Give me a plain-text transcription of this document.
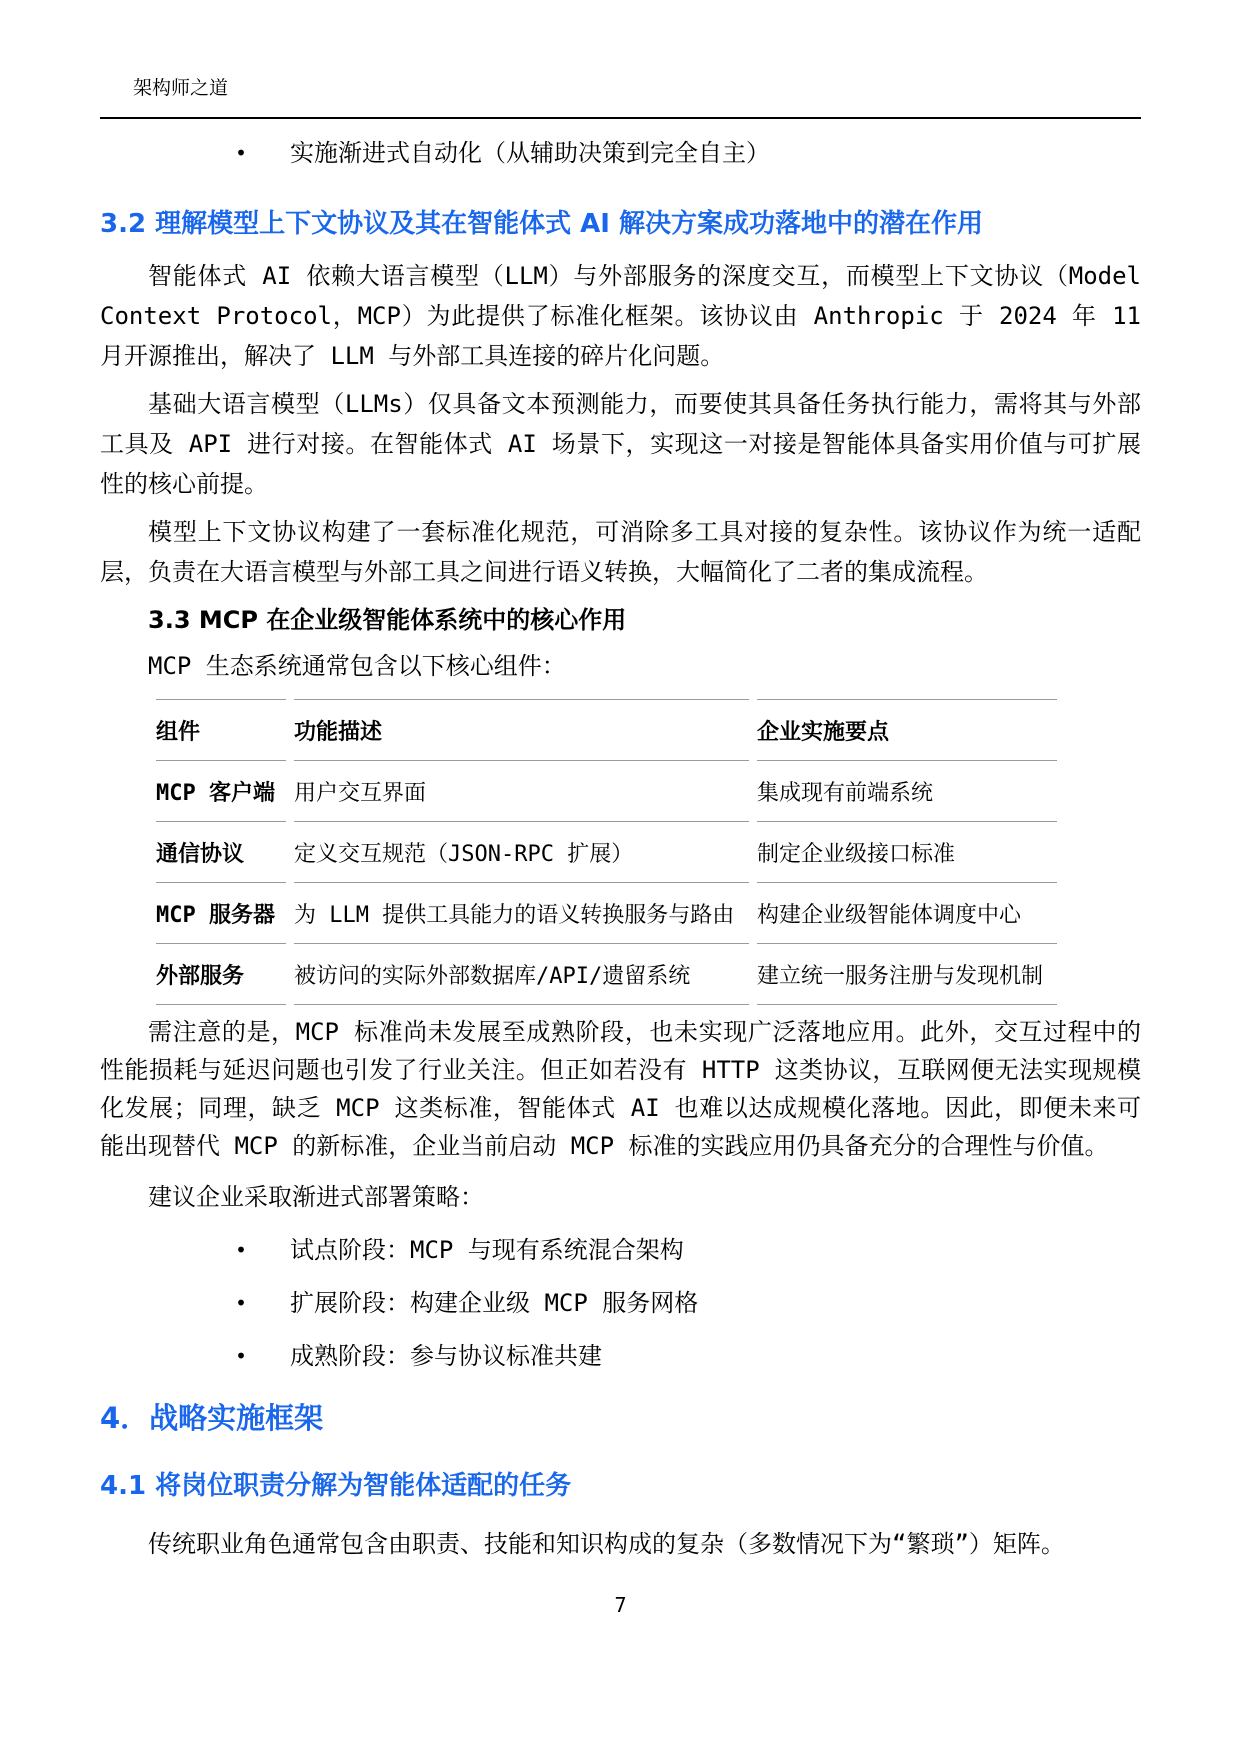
架构师之道
•	实施渐进式自动化（从辅助决策到完全自主）
3.2 理解模型上下文协议及其在智能体式 AI 解决方案成功落地中的潜在作用

智能体式 AI 依赖大语言模型（LLM）与外部服务的深度交互，而模型上下文协议（Model Context Protocol，MCP）为此提供了标准化框架。该协议由 Anthropic 于 2024 年 11 月开源推出，解决了 LLM 与外部工具连接的碎片化问题。

基础大语言模型（LLMs）仅具备文本预测能力，而要使其具备任务执行能力，需将其与外部工具及 API 进行对接。在智能体式 AI 场景下，实现这一对接是智能体具备实用价值与可扩展性的核心前提。

模型上下文协议构建了一套标准化规范，可消除多工具对接的复杂性。该协议作为统一适配层，负责在大语言模型与外部工具之间进行语义转换，大幅简化了二者的集成流程。

3.3 MCP 在企业级智能体系统中的核心作用

MCP 生态系统通常包含以下核心组件：

组件	功能描述	企业实施要点
MCP 客户端	用户交互界面	集成现有前端系统
通信协议	定义交互规范（JSON-RPC 扩展）	制定企业级接口标准
MCP 服务器	为 LLM 提供工具能力的语义转换服务与路由	构建企业级智能体调度中心
外部服务	被访问的实际外部数据库/API/遗留系统	建立统一服务注册与发现机制

需注意的是，MCP 标准尚未发展至成熟阶段，也未实现广泛落地应用。此外，交互过程中的性能损耗与延迟问题也引发了行业关注。但正如若没有 HTTP 这类协议，互联网便无法实现规模化发展；同理，缺乏 MCP 这类标准，智能体式 AI 也难以达成规模化落地。因此，即便未来可能出现替代 MCP 的新标准，企业当前启动 MCP 标准的实践应用仍具备充分的合理性与价值。

建议企业采取渐进式部署策略：

•	试点阶段：MCP 与现有系统混合架构
•	扩展阶段：构建企业级 MCP 服务网格
•	成熟阶段：参与协议标准共建
4．战略实施框架
4.1 将岗位职责分解为智能体适配的任务

传统职业角色通常包含由职责、技能和知识构成的复杂（多数情况下为“繁琐”）矩阵。

7
